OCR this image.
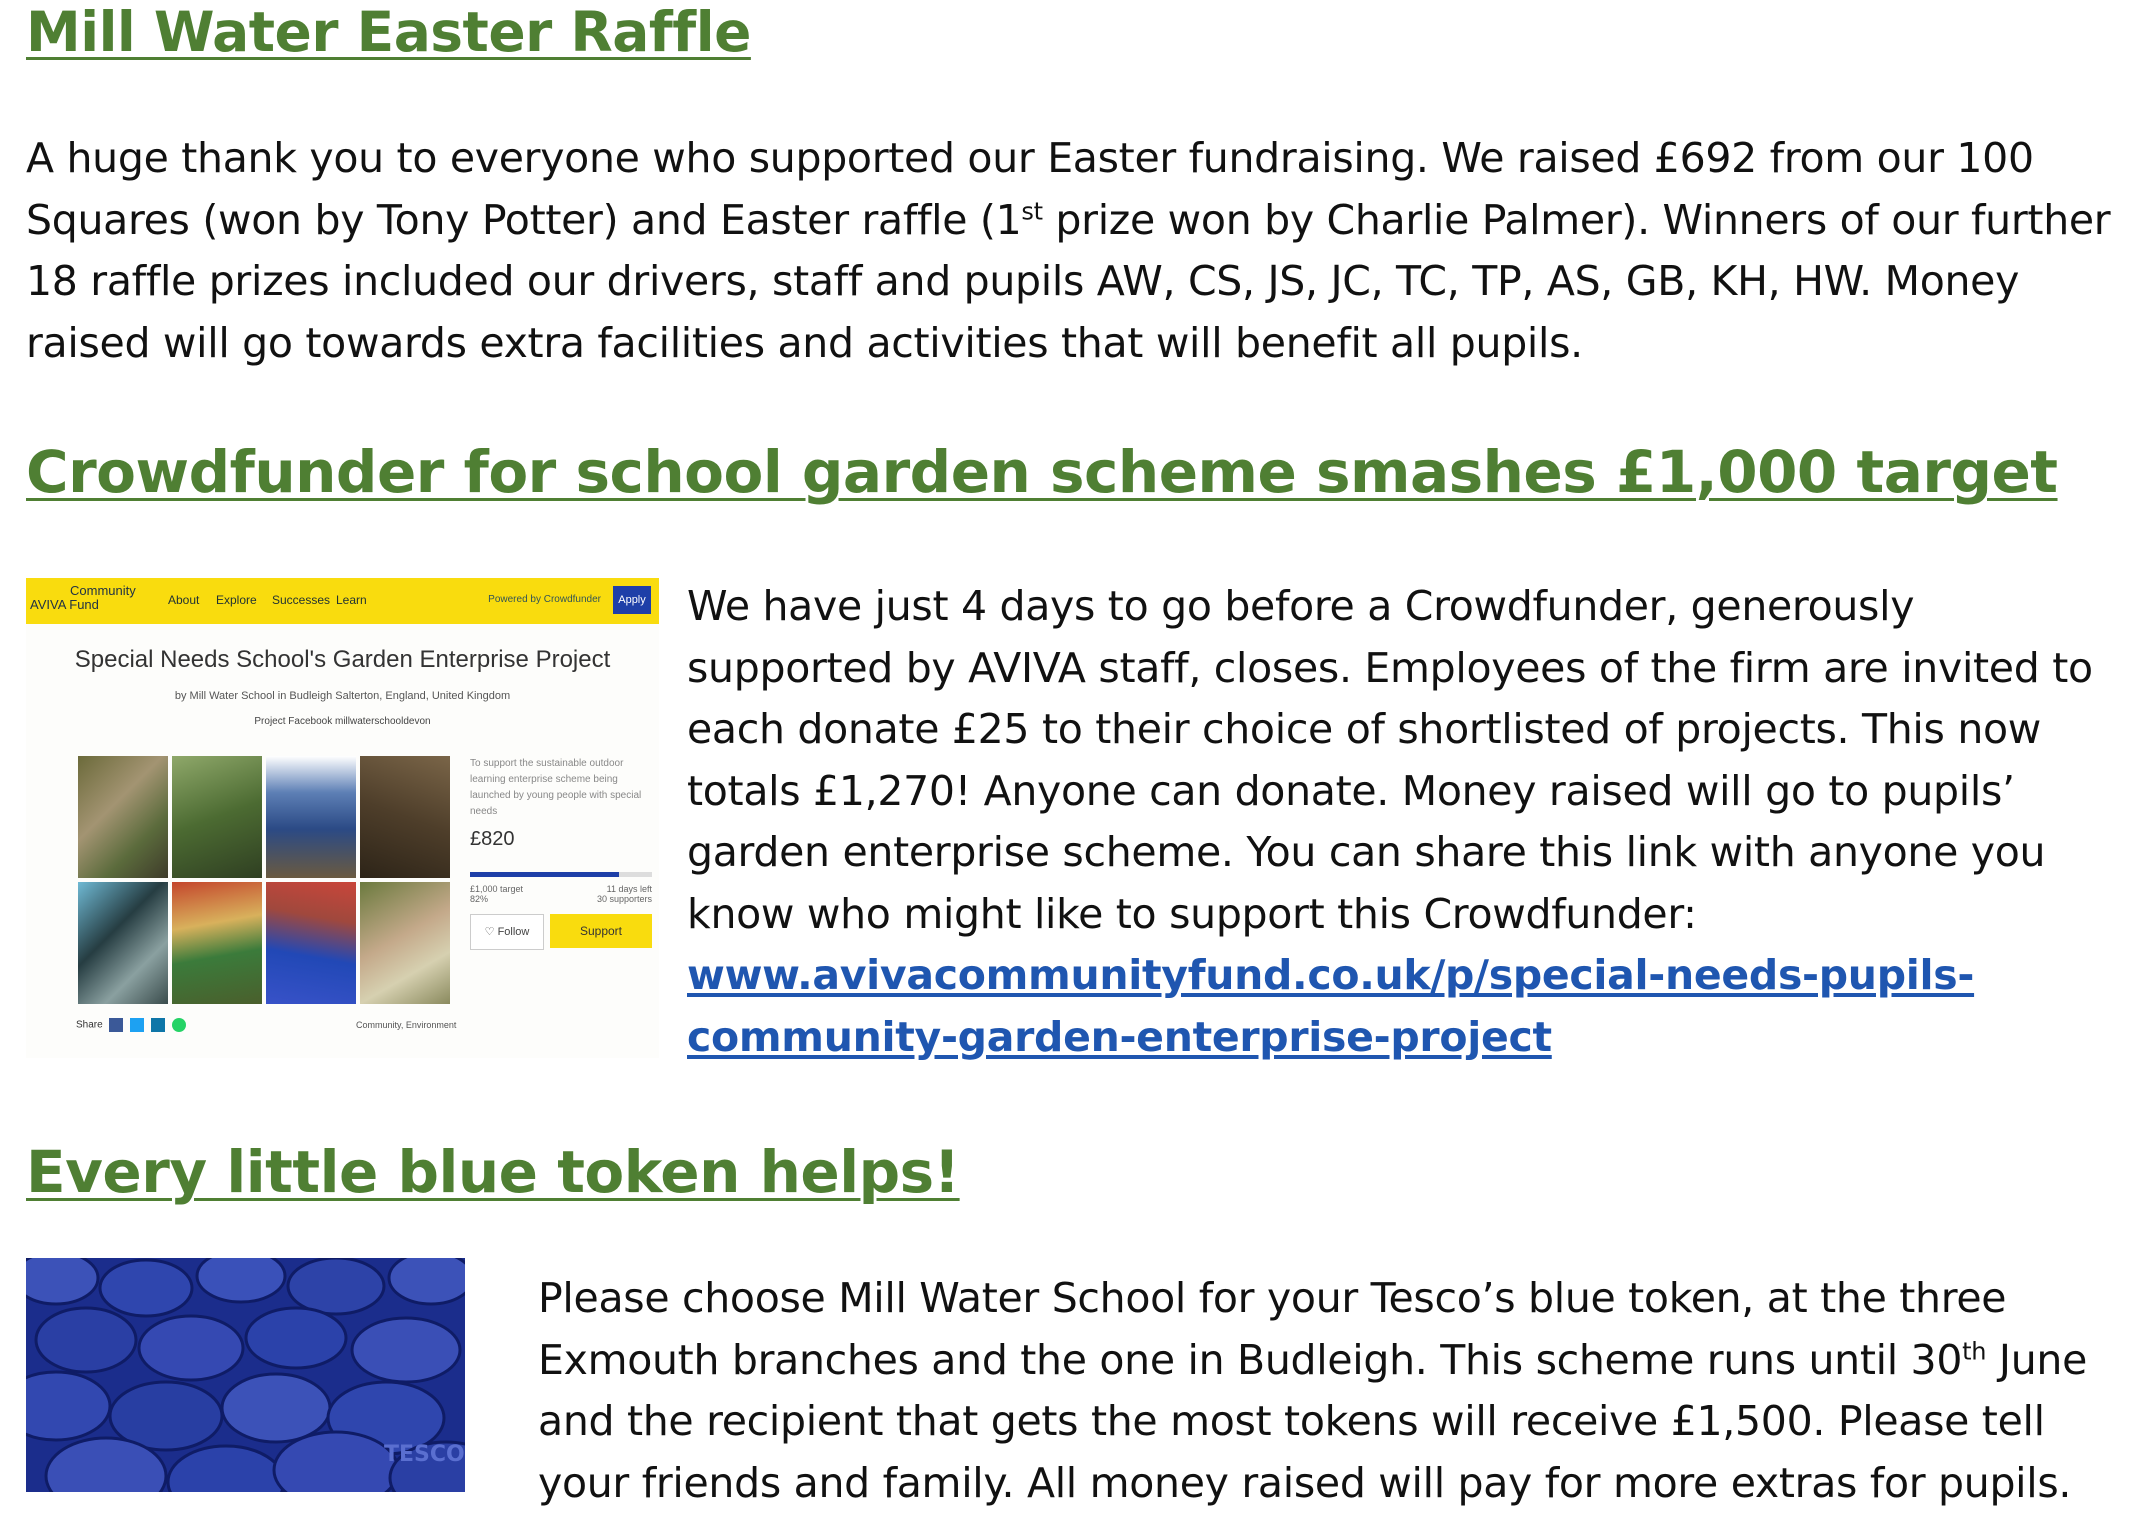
Mill Water Easter Raffle

A huge thank you to everyone who supported our Easter fundraising. We raised £692 from our 100 Squares (won by Tony Potter) and Easter raffle (1st prize won by Charlie Palmer). Winners of our further 18 raffle prizes included our drivers, staff and pupils AW, CS, JS, JC, TC, TP, AS, GB, KH, HW. Money raised will go towards extra facilities and activities that will benefit all pupils.

Crowdfunder for school garden scheme smashes £1,000 target
Community
AVIVA Fund	About Explore Successes Learn	Powered by Crowdfunder	Apply
Special Needs School's Garden Enterprise Project
by Mill Water School in Budleigh Salterton, England, United Kingdom
Project Facebook millwaterschooldevon
To support the sustainable outdoor learning enterprise scheme being launched by young people with special needs
£820
£1,000 target	11 days left

82%	30 supporters
♡ Follow	Support
Share	Community, Environment

We have just 4 days to go before a Crowdfunder, generously supported by AVIVA staff, closes. Employees of the firm are invited to each donate £25 to their choice of shortlisted of projects. This now totals £1,270! Anyone can donate. Money raised will go to pupils’ garden enterprise scheme. You can share this link with anyone you know who might like to support this Crowdfunder: www.avivacommunityfund.co.uk/p/special-needs-pupils-community-garden-enterprise-project

Every little blue token helps!
TESCO

Please choose Mill Water School for your Tesco’s blue token, at the three Exmouth branches and the one in Budleigh. This scheme runs until 30th June and the recipient that gets the most tokens will receive £1,500. Please tell your friends and family. All money raised will pay for more extras for pupils.
